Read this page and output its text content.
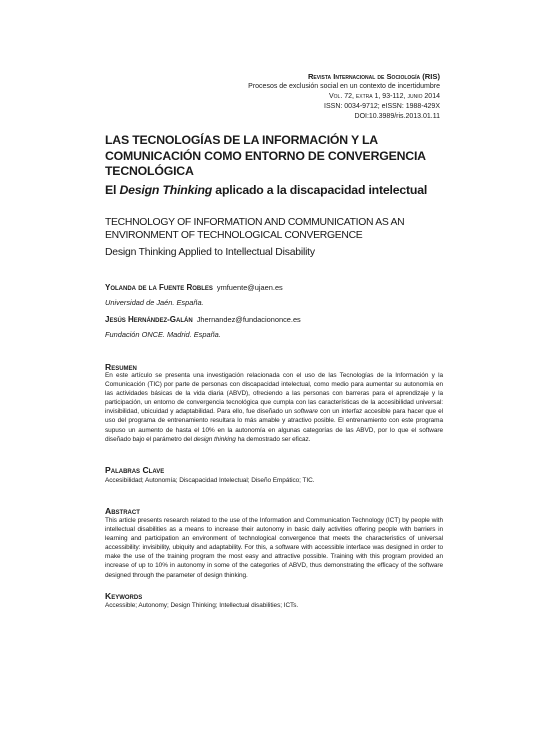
Revista Internacional de Sociología (RIS)
Procesos de exclusión social en un contexto de incertidumbre
Vol. 72, extra 1, 93-112, junio 2014
ISSN: 0034-9712; eISSN: 1988-429X
DOI:10.3989/ris.2013.01.11
LAS TECNOLOGÍAS DE LA INFORMACIÓN Y LA COMUNICACIÓN COMO ENTORNO DE CONVERGENCIA TECNOLÓGICA
El Design Thinking aplicado a la discapacidad intelectual
TECHNOLOGY OF INFORMATION AND COMMUNICATION AS AN ENVIRONMENT OF TECHNOLOGICAL CONVERGENCE
Design Thinking Applied to Intellectual Disability
Yolanda de la Fuente Robles ymfuente@ujaen.es
Universidad de Jaén. España.
Jesús Hernández-Galán Jhernandez@fundaciononce.es
Fundación ONCE. Madrid. España.
Resumen
En este artículo se presenta una investigación relacionada con el uso de las Tecnologías de la Información y la Comunicación (TIC) por parte de personas con discapacidad intelectual, como medio para aumentar su autonomía en las actividades básicas de la vida diaria (ABVD), ofreciendo a las personas con barreras para el aprendizaje y la participación, un entorno de convergencia tecnológica que cumpla con las características de la accesibilidad universal: invisibilidad, ubicuidad y adaptabilidad. Para ello, fue diseñado un software con un interfaz accesible para hacer que el uso del programa de entrenamiento resultara lo más amable y atractivo posible. El entrenamiento con este programa supuso un aumento de hasta el 10% en la autonomía en algunas categorías de las ABVD, por lo que el software diseñado bajo el parámetro del design thinking ha demostrado ser eficaz.
Palabras Clave
Accesibilidad; Autonomía; Discapacidad Intelectual; Diseño Empático; TIC.
Abstract
This article presents research related to the use of the Information and Communication Technology (ICT) by people with intellectual disabilities as a means to increase their autonomy in basic daily activities offering people with barriers in learning and participation an environment of technological convergence that meets the characteristics of universal accessibility: invisibility, ubiquity and adaptability. For this, a software with accessible interface was designed in order to make the use of the training program the most easy and attractive possible. Training with this program provided an increase of up to 10% in autonomy in some of the categories of ABVD, thus demonstrating the efficacy of the software designed through the parameter of design thinking.
Keywords
Accessible; Autonomy; Design Thinking; Intellectual disabilities; ICTs.
